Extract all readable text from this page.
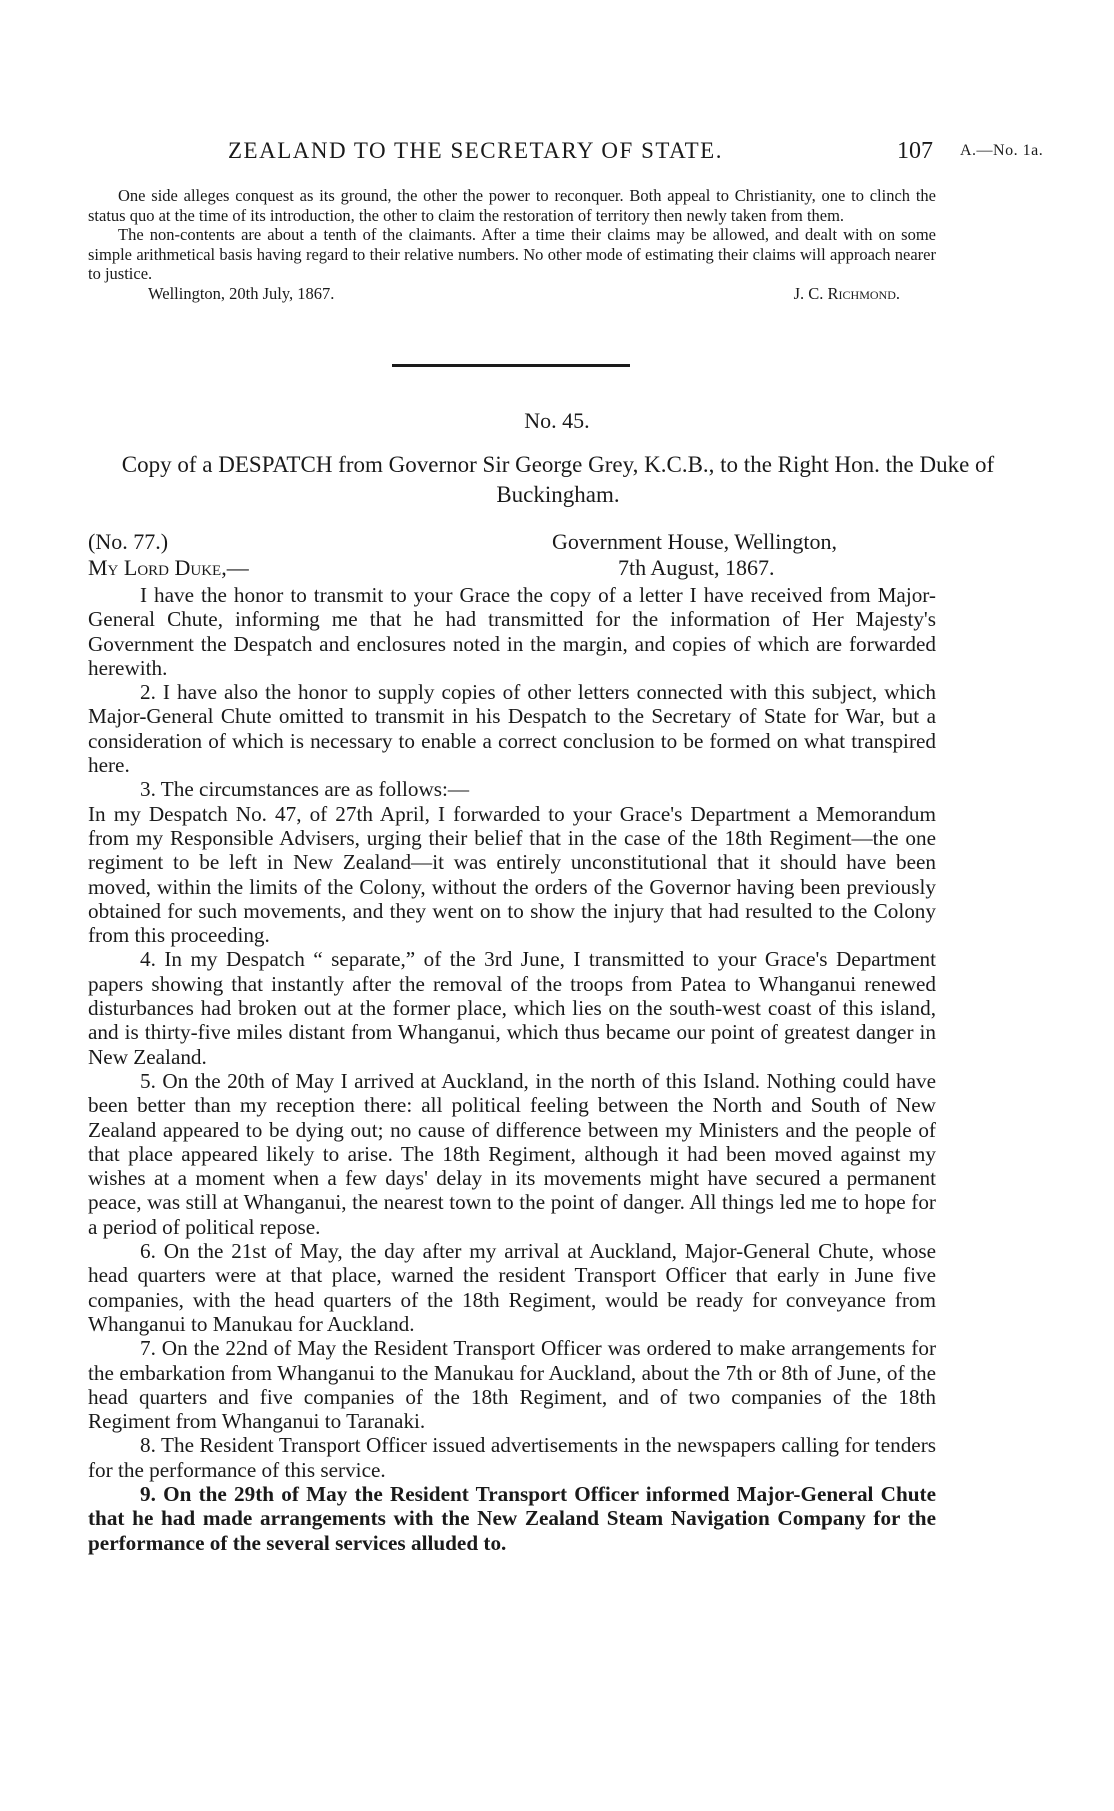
ZEALAND TO THE SECRETARY OF STATE.	107 A.—No. 1a.

One side alleges conquest as its ground, the other the power to reconquer. Both appeal to Christianity, one to clinch the status quo at the time of its introduction, the other to claim the restoration of territory then newly taken from them.

The non-contents are about a tenth of the claimants. After a time their claims may be allowed, and dealt with on some simple arithmetical basis having regard to their relative numbers. No other mode of estimating their claims will approach nearer to justice.

Wellington, 20th July, 1867.	J. C. Richmond.
No. 45.
Copy of a DESPATCH from Governor Sir George Grey, K.C.B., to the Right Hon. the Duke of Buckingham.
(No. 77.)	Government House, Wellington,
My Lord Duke,—	7th August, 1867.

I have the honor to transmit to your Grace the copy of a letter I have received from Major-General Chute, informing me that he had transmitted for the information of Her Majesty's Government the Despatch and enclosures noted in the margin, and copies of which are forwarded herewith.

2. I have also the honor to supply copies of other letters connected with this subject, which Major-General Chute omitted to transmit in his Despatch to the Secretary of State for War, but a consideration of which is necessary to enable a correct conclusion to be formed on what transpired here.

3. The circumstances are as follows:—

In my Despatch No. 47, of 27th April, I forwarded to your Grace's Department a Memorandum from my Responsible Advisers, urging their belief that in the case of the 18th Regiment—the one regiment to be left in New Zealand—it was entirely unconstitutional that it should have been moved, within the limits of the Colony, without the orders of the Governor having been previously obtained for such movements, and they went on to show the injury that had resulted to the Colony from this proceeding.

4. In my Despatch “ separate,” of the 3rd June, I transmitted to your Grace's Department papers showing that instantly after the removal of the troops from Patea to Whanganui renewed disturbances had broken out at the former place, which lies on the south-west coast of this island, and is thirty-five miles distant from Whanganui, which thus became our point of greatest danger in New Zealand.

5. On the 20th of May I arrived at Auckland, in the north of this Island. Nothing could have been better than my reception there: all political feeling between the North and South of New Zealand appeared to be dying out; no cause of difference between my Ministers and the people of that place appeared likely to arise. The 18th Regiment, although it had been moved against my wishes at a moment when a few days' delay in its movements might have secured a permanent peace, was still at Whanganui, the nearest town to the point of danger. All things led me to hope for a period of political repose.

6. On the 21st of May, the day after my arrival at Auckland, Major-General Chute, whose head quarters were at that place, warned the resident Transport Officer that early in June five companies, with the head quarters of the 18th Regiment, would be ready for conveyance from Whanganui to Manukau for Auckland.

7. On the 22nd of May the Resident Transport Officer was ordered to make arrangements for the embarkation from Whanganui to the Manukau for Auckland, about the 7th or 8th of June, of the head quarters and five companies of the 18th Regiment, and of two companies of the 18th Regiment from Whanganui to Taranaki.

8. The Resident Transport Officer issued advertisements in the newspapers calling for tenders for the performance of this service.

9. On the 29th of May the Resident Transport Officer informed Major-General Chute that he had made arrangements with the New Zealand Steam Navigation Company for the performance of the several services alluded to.
